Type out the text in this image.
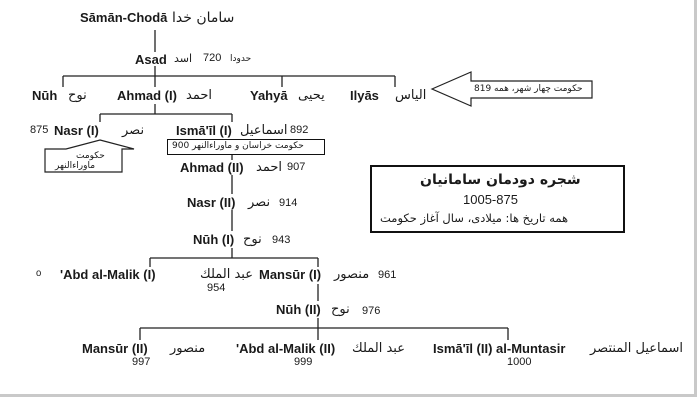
Sāmān-Chodā سامان خدا
Asad اسد 720 حدودا
Nūh نوح Ahmad (I) احمد	Yahyā يحيى Ilyās الياس	حكومت چهار شهر، همه 819
875 Nasr (I) نصر
حکومت
ماوراءالنهر
Ismā'īl (I) اسماعيل 892
حکومت خراسان و ماوراءالنهر 900
Ahmad (II) احمد 907
Nasr (II) نصر 914
Nūh (I) نوح 943
ₒ 'Abd al-Malik (I)	عبد الملك
954
Mansūr (I) منصور 961
Nūh (II) نوح 976
Mansūr (II) منصور
997
'Abd al-Malik (II) عبد الملك
999
Ismā'īl (II) al-Muntasir اسماعيل المنتصر
1000
شجره دودمان سامانيان
1005-875
همه تاريخ ها: ميلادی، سال آغاز حکومت
